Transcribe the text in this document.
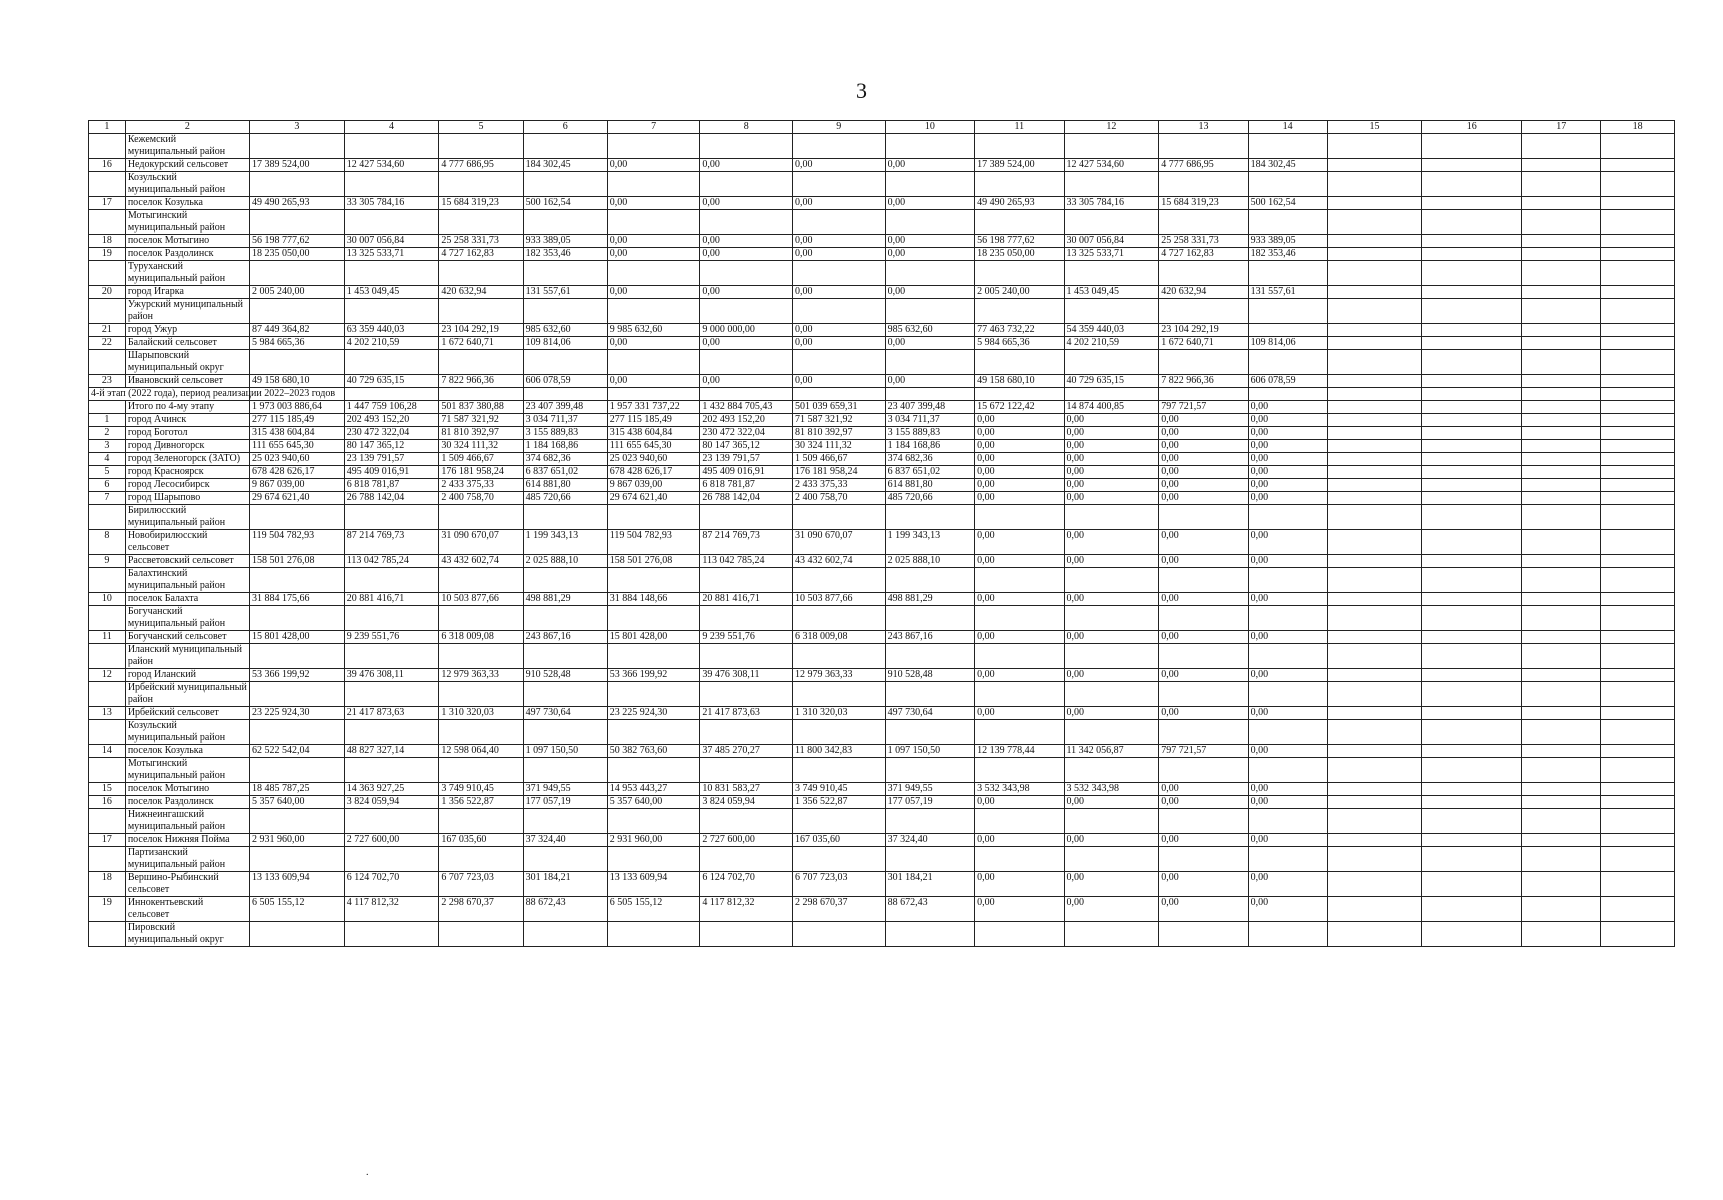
3
1	2	3	4	5	6	7	8	9	10	11	12	13	14	15	16	17	18
	Кежемский муниципальный район																
16	Недокурский сельсовет	17 389 524,00	12 427 534,60	4 777 686,95	184 302,45	0,00	0,00	0,00	0,00	17 389 524,00	12 427 534,60	4 777 686,95	184 302,45				
	Козульский муниципальный район																
17	поселок Козулька	49 490 265,93	33 305 784,16	15 684 319,23	500 162,54	0,00	0,00	0,00	0,00	49 490 265,93	33 305 784,16	15 684 319,23	500 162,54				
	Мотыгинский муниципальный район																
18	поселок Мотыгино	56 198 777,62	30 007 056,84	25 258 331,73	933 389,05	0,00	0,00	0,00	0,00	56 198 777,62	30 007 056,84	25 258 331,73	933 389,05				
19	поселок Раздолинск	18 235 050,00	13 325 533,71	4 727 162,83	182 353,46	0,00	0,00	0,00	0,00	18 235 050,00	13 325 533,71	4 727 162,83	182 353,46				
	Туруханский муниципальный район																
20	город Игарка	2 005 240,00	1 453 049,45	420 632,94	131 557,61	0,00	0,00	0,00	0,00	2 005 240,00	1 453 049,45	420 632,94	131 557,61				
	Ужурский муниципальный район																
21	город Ужур	87 449 364,82	63 359 440,03	23 104 292,19	985 632,60	9 985 632,60	9 000 000,00	0,00	985 632,60	77 463 732,22	54 359 440,03	23 104 292,19					
22	Балайский сельсовет	5 984 665,36	4 202 210,59	1 672 640,71	109 814,06	0,00	0,00	0,00	0,00	5 984 665,36	4 202 210,59	1 672 640,71	109 814,06				
	Шарыповский муниципальный округ																
23	Ивановский сельсовет	49 158 680,10	40 729 635,15	7 822 966,36	606 078,59	0,00	0,00	0,00	0,00	49 158 680,10	40 729 635,15	7 822 966,36	606 078,59				
4-й этап (2022 года), период реализации 2022–2023 годов																	
	Итого по 4-му этапу	1 973 003 886,64	1 447 759 106,28	501 837 380,88	23 407 399,48	1 957 331 737,22	1 432 884 705,43	501 039 659,31	23 407 399,48	15 672 122,42	14 874 400,85	797 721,57	0,00				
1	город Ачинск	277 115 185,49	202 493 152,20	71 587 321,92	3 034 711,37	277 115 185,49	202 493 152,20	71 587 321,92	3 034 711,37	0,00	0,00	0,00	0,00				
2	город Боготол	315 438 604,84	230 472 322,04	81 810 392,97	3 155 889,83	315 438 604,84	230 472 322,04	81 810 392,97	3 155 889,83	0,00	0,00	0,00	0,00				
3	город Дивногорск	111 655 645,30	80 147 365,12	30 324 111,32	1 184 168,86	111 655 645,30	80 147 365,12	30 324 111,32	1 184 168,86	0,00	0,00	0,00	0,00				
4	город Зеленогорск (ЗАТО)	25 023 940,60	23 139 791,57	1 509 466,67	374 682,36	25 023 940,60	23 139 791,57	1 509 466,67	374 682,36	0,00	0,00	0,00	0,00				
5	город Красноярск	678 428 626,17	495 409 016,91	176 181 958,24	6 837 651,02	678 428 626,17	495 409 016,91	176 181 958,24	6 837 651,02	0,00	0,00	0,00	0,00				
6	город Лесосибирск	9 867 039,00	6 818 781,87	2 433 375,33	614 881,80	9 867 039,00	6 818 781,87	2 433 375,33	614 881,80	0,00	0,00	0,00	0,00				
7	город Шарыпово	29 674 621,40	26 788 142,04	2 400 758,70	485 720,66	29 674 621,40	26 788 142,04	2 400 758,70	485 720,66	0,00	0,00	0,00	0,00				
	Бирилюсский муниципальный район																
8	Новобирилюсский сельсовет	119 504 782,93	87 214 769,73	31 090 670,07	1 199 343,13	119 504 782,93	87 214 769,73	31 090 670,07	1 199 343,13	0,00	0,00	0,00	0,00				
9	Рассветовский сельсовет	158 501 276,08	113 042 785,24	43 432 602,74	2 025 888,10	158 501 276,08	113 042 785,24	43 432 602,74	2 025 888,10	0,00	0,00	0,00	0,00				
	Балахтинский муниципальный район																
10	поселок Балахта	31 884 175,66	20 881 416,71	10 503 877,66	498 881,29	31 884 148,66	20 881 416,71	10 503 877,66	498 881,29	0,00	0,00	0,00	0,00				
	Богучанский муниципальный район																
11	Богучанский сельсовет	15 801 428,00	9 239 551,76	6 318 009,08	243 867,16	15 801 428,00	9 239 551,76	6 318 009,08	243 867,16	0,00	0,00	0,00	0,00				
	Иланский муниципальный район																
12	город Иланский	53 366 199,92	39 476 308,11	12 979 363,33	910 528,48	53 366 199,92	39 476 308,11	12 979 363,33	910 528,48	0,00	0,00	0,00	0,00				
	Ирбейский муниципальный район																
13	Ирбейский сельсовет	23 225 924,30	21 417 873,63	1 310 320,03	497 730,64	23 225 924,30	21 417 873,63	1 310 320,03	497 730,64	0,00	0,00	0,00	0,00				
	Козульский муниципальный район																
14	поселок Козулька	62 522 542,04	48 827 327,14	12 598 064,40	1 097 150,50	50 382 763,60	37 485 270,27	11 800 342,83	1 097 150,50	12 139 778,44	11 342 056,87	797 721,57	0,00				
	Мотыгинский муниципальный район																
15	поселок Мотыгино	18 485 787,25	14 363 927,25	3 749 910,45	371 949,55	14 953 443,27	10 831 583,27	3 749 910,45	371 949,55	3 532 343,98	3 532 343,98	0,00	0,00				
16	поселок Раздолинск	5 357 640,00	3 824 059,94	1 356 522,87	177 057,19	5 357 640,00	3 824 059,94	1 356 522,87	177 057,19	0,00	0,00	0,00	0,00				
	Нижнеингашский муниципальный район																
17	поселок Нижняя Пойма	2 931 960,00	2 727 600,00	167 035,60	37 324,40	2 931 960,00	2 727 600,00	167 035,60	37 324,40	0,00	0,00	0,00	0,00				
	Партизанский муниципальный район																
18	Вершино-Рыбинский сельсовет	13 133 609,94	6 124 702,70	6 707 723,03	301 184,21	13 133 609,94	6 124 702,70	6 707 723,03	301 184,21	0,00	0,00	0,00	0,00				
19	Иннокентьевский сельсовет	6 505 155,12	4 117 812,32	2 298 670,37	88 672,43	6 505 155,12	4 117 812,32	2 298 670,37	88 672,43	0,00	0,00	0,00	0,00				
	Пировский муниципальный округ																
.
